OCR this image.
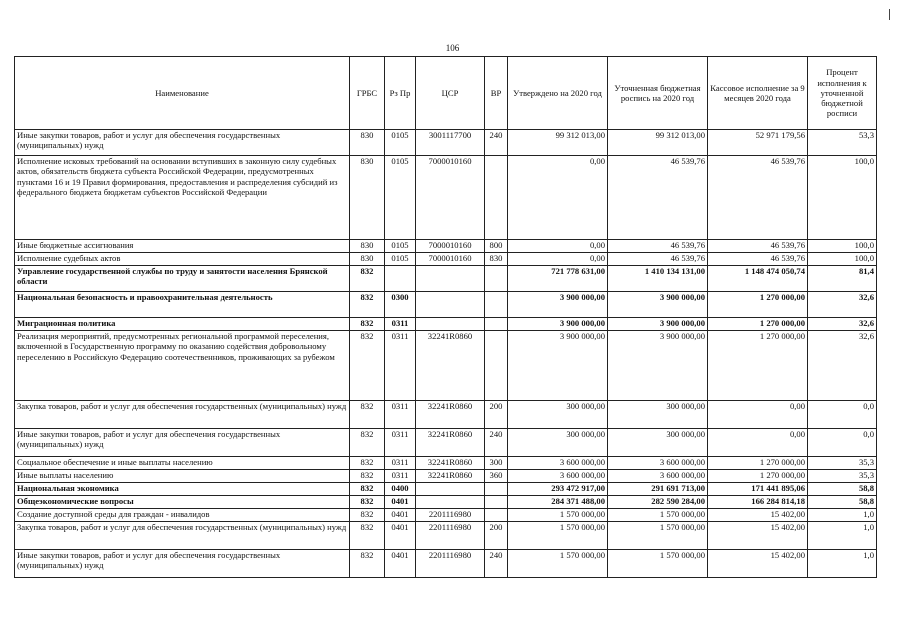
106
Наименование	ГРБС	Рз Пр	ЦСР	ВР	Утверждено на 2020 год	Уточненная бюджетная роспись на 2020 год	Кассовое исполнение за 9 месяцев 2020 года	Процент исполнения к уточненной бюджетной росписи
Иные закупки товаров, работ и услуг для обеспечения государственных (муниципальных) нужд	830	0105	3001117700	240	99 312 013,00	99 312 013,00	52 971 179,56	53,3
Исполнение исковых требований на основании вступивших в законную силу судебных актов, обязательств бюджета субъекта Российской Федерации, предусмотренных пунктами 16 и 19 Правил формирования, предоставления и распределения субсидий из федерального бюджета бюджетам субъектов Российской Федерации	830	0105	7000010160		0,00	46 539,76	46 539,76	100,0
Иные бюджетные ассигнования	830	0105	7000010160	800	0,00	46 539,76	46 539,76	100,0
Исполнение судебных актов	830	0105	7000010160	830	0,00	46 539,76	46 539,76	100,0
Управление государственной службы по труду и занятости населения Брянской области	832				721 778 631,00	1 410 134 131,00	1 148 474 050,74	81,4
Национальная безопасность и правоохранительная деятельность	832	0300			3 900 000,00	3 900 000,00	1 270 000,00	32,6
Миграционная политика	832	0311			3 900 000,00	3 900 000,00	1 270 000,00	32,6
Реализация мероприятий, предусмотренных региональной программой переселения, включенной в Государственную программу по оказанию содействия добровольному переселению в Российскую Федерацию соотечественников, проживающих за рубежом	832	0311	32241R0860		3 900 000,00	3 900 000,00	1 270 000,00	32,6
Закупка товаров, работ и услуг для обеспечения государственных (муниципальных) нужд	832	0311	32241R0860	200	300 000,00	300 000,00	0,00	0,0
Иные закупки товаров, работ и услуг для обеспечения государственных (муниципальных) нужд	832	0311	32241R0860	240	300 000,00	300 000,00	0,00	0,0
Социальное обеспечение и иные выплаты населению	832	0311	32241R0860	300	3 600 000,00	3 600 000,00	1 270 000,00	35,3
Иные выплаты населению	832	0311	32241R0860	360	3 600 000,00	3 600 000,00	1 270 000,00	35,3
Национальная экономика	832	0400			293 472 917,00	291 691 713,00	171 441 895,06	58,8
Общеэкономические вопросы	832	0401			284 371 488,00	282 590 284,00	166 284 814,18	58,8
Создание доступной среды для граждан - инвалидов	832	0401	2201116980		1 570 000,00	1 570 000,00	15 402,00	1,0
Закупка товаров, работ и услуг для обеспечения государственных (муниципальных) нужд	832	0401	2201116980	200	1 570 000,00	1 570 000,00	15 402,00	1,0
Иные закупки товаров, работ и услуг для обеспечения государственных (муниципальных) нужд	832	0401	2201116980	240	1 570 000,00	1 570 000,00	15 402,00	1,0
